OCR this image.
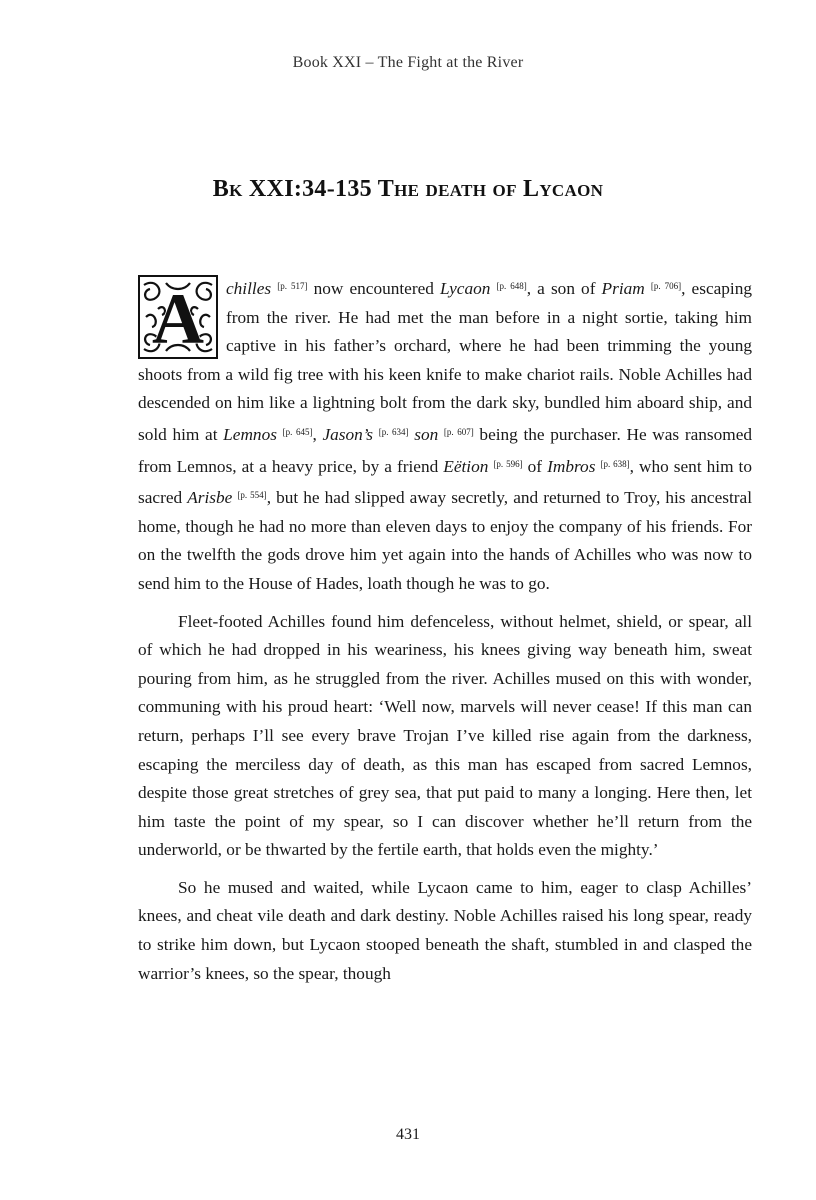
Book XXI – The Fight at the River
Bk XXI:34-135 The death of Lycaon

A chilles [p. 517] now encountered Lycaon [p. 648], a son of Priam [p. 706], escaping from the river. He had met the man before in a night sortie, taking him captive in his father’s orchard, where he had been trimming the young shoots from a wild fig tree with his keen knife to make chariot rails. Noble Achilles had descended on him like a lightning bolt from the dark sky, bundled him aboard ship, and sold him at Lemnos [p. 645], Jason’s [p. 634] son [p. 607] being the purchaser. He was ransomed from Lemnos, at a heavy price, by a friend Eëtion [p. 596] of Imbros [p. 638], who sent him to sacred Arisbe [p. 554], but he had slipped away secretly, and returned to Troy, his ancestral home, though he had no more than eleven days to enjoy the company of his friends. For on the twelfth the gods drove him yet again into the hands of Achilles who was now to send him to the House of Hades, loath though he was to go.

Fleet-footed Achilles found him defenceless, without helmet, shield, or spear, all of which he had dropped in his weariness, his knees giving way beneath him, sweat pouring from him, as he struggled from the river. Achilles mused on this with wonder, communing with his proud heart: ‘Well now, marvels will never cease! If this man can return, perhaps I’ll see every brave Trojan I’ve killed rise again from the darkness, escaping the merciless day of death, as this man has escaped from sacred Lemnos, despite those great stretches of grey sea, that put paid to many a longing. Here then, let him taste the point of my spear, so I can discover whether he’ll return from the underworld, or be thwarted by the fertile earth, that holds even the mighty.’

So he mused and waited, while Lycaon came to him, eager to clasp Achilles’ knees, and cheat vile death and dark destiny. Noble Achilles raised his long spear, ready to strike him down, but Lycaon stooped beneath the shaft, stumbled in and clasped the warrior’s knees, so the spear, though

431
